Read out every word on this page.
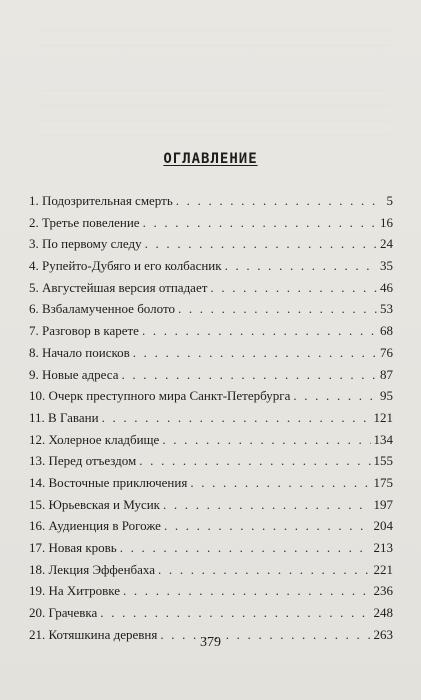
ОГЛАВЛЕНИЕ
1. Подозрительная смерть . . .	5
2. Третье повеление . . .	16
3. По первому следу . . .	24
4. Рупейто-Дубяго и его колбасник . . .	35
5. Августейшая версия отпадает . . .	46
6. Взбаламученное болото . . .	53
7. Разговор в карете . . .	68
8. Начало поисков . . .	76
9. Новые адреса . . .	87
10. Очерк преступного мира Санкт-Петербурга . . .	95
11. В Гавани . . .	121
12. Холерное кладбище . . .	134
13. Перед отъездом . . .	155
14. Восточные приключения . . .	175
15. Юрьевская и Мусик . . .	197
16. Аудиенция в Рогоже . . .	204
17. Новая кровь . . .	213
18. Лекция Эффенбаха . . .	221
19. На Хитровке . . .	236
20. Грачевка . . .	248
21. Котяшкина деревня . . .	263
379
